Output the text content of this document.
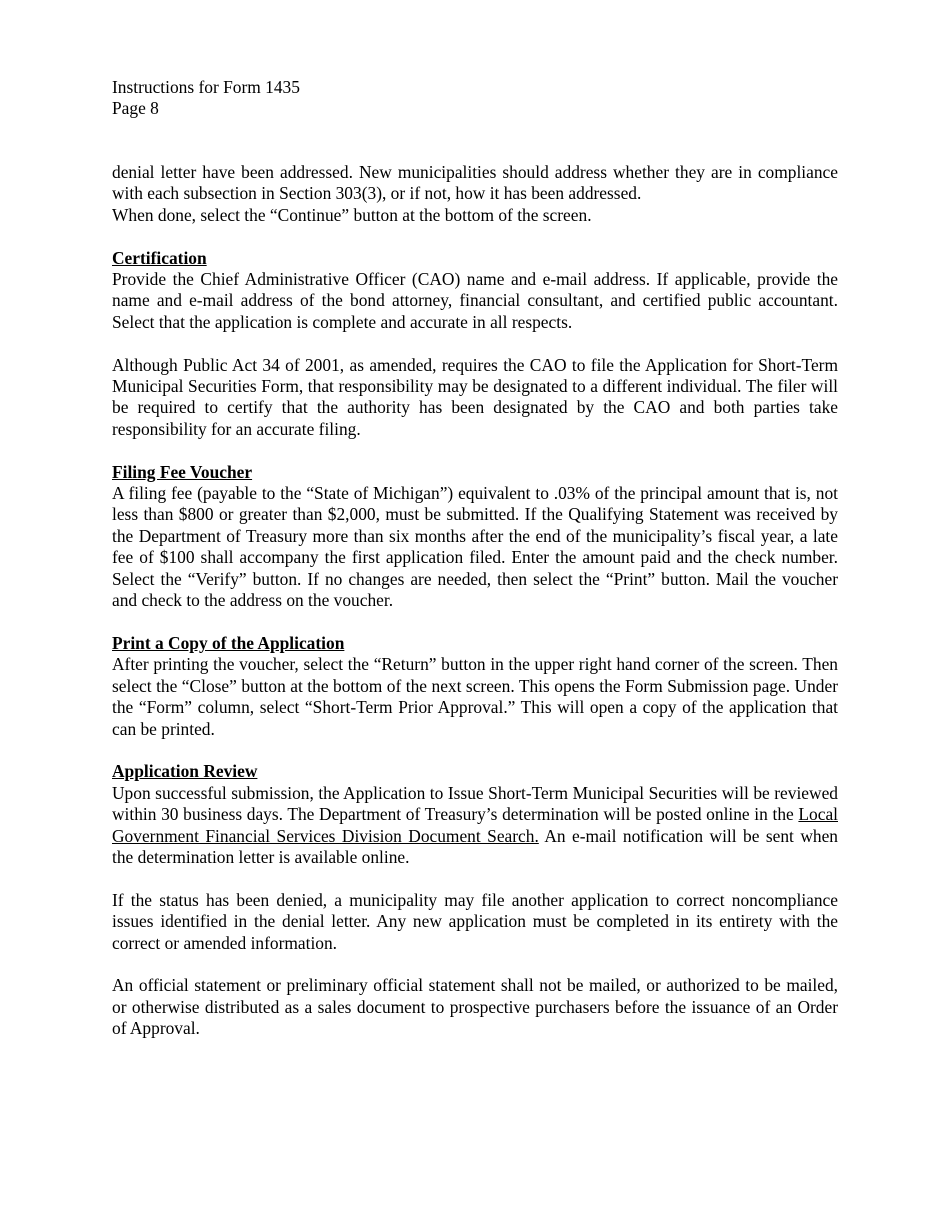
Instructions for Form 1435
Page 8

denial letter have been addressed. New municipalities should address whether they are in compliance with each subsection in Section 303(3), or if not, how it has been addressed.

When done, select the “Continue” button at the bottom of the screen.

Certification

Provide the Chief Administrative Officer (CAO) name and e-mail address. If applicable, provide the name and e-mail address of the bond attorney, financial consultant, and certified public accountant. Select that the application is complete and accurate in all respects.

Although Public Act 34 of 2001, as amended, requires the CAO to file the Application for Short-Term Municipal Securities Form, that responsibility may be designated to a different individual. The filer will be required to certify that the authority has been designated by the CAO and both parties take responsibility for an accurate filing.

Filing Fee Voucher

A filing fee (payable to the “State of Michigan”) equivalent to .03% of the principal amount that is, not less than $800 or greater than $2,000, must be submitted. If the Qualifying Statement was received by the Department of Treasury more than six months after the end of the municipality’s fiscal year, a late fee of $100 shall accompany the first application filed. Enter the amount paid and the check number. Select the “Verify” button. If no changes are needed, then select the “Print” button. Mail the voucher and check to the address on the voucher.

Print a Copy of the Application

After printing the voucher, select the “Return” button in the upper right hand corner of the screen. Then select the “Close” button at the bottom of the next screen. This opens the Form Submission page. Under the “Form” column, select “Short-Term Prior Approval.” This will open a copy of the application that can be printed.

Application Review

Upon successful submission, the Application to Issue Short-Term Municipal Securities will be reviewed within 30 business days. The Department of Treasury’s determination will be posted online in the Local Government Financial Services Division Document Search. An e-mail notification will be sent when the determination letter is available online.

If the status has been denied, a municipality may file another application to correct noncompliance issues identified in the denial letter. Any new application must be completed in its entirety with the correct or amended information.

An official statement or preliminary official statement shall not be mailed, or authorized to be mailed, or otherwise distributed as a sales document to prospective purchasers before the issuance of an Order of Approval.
